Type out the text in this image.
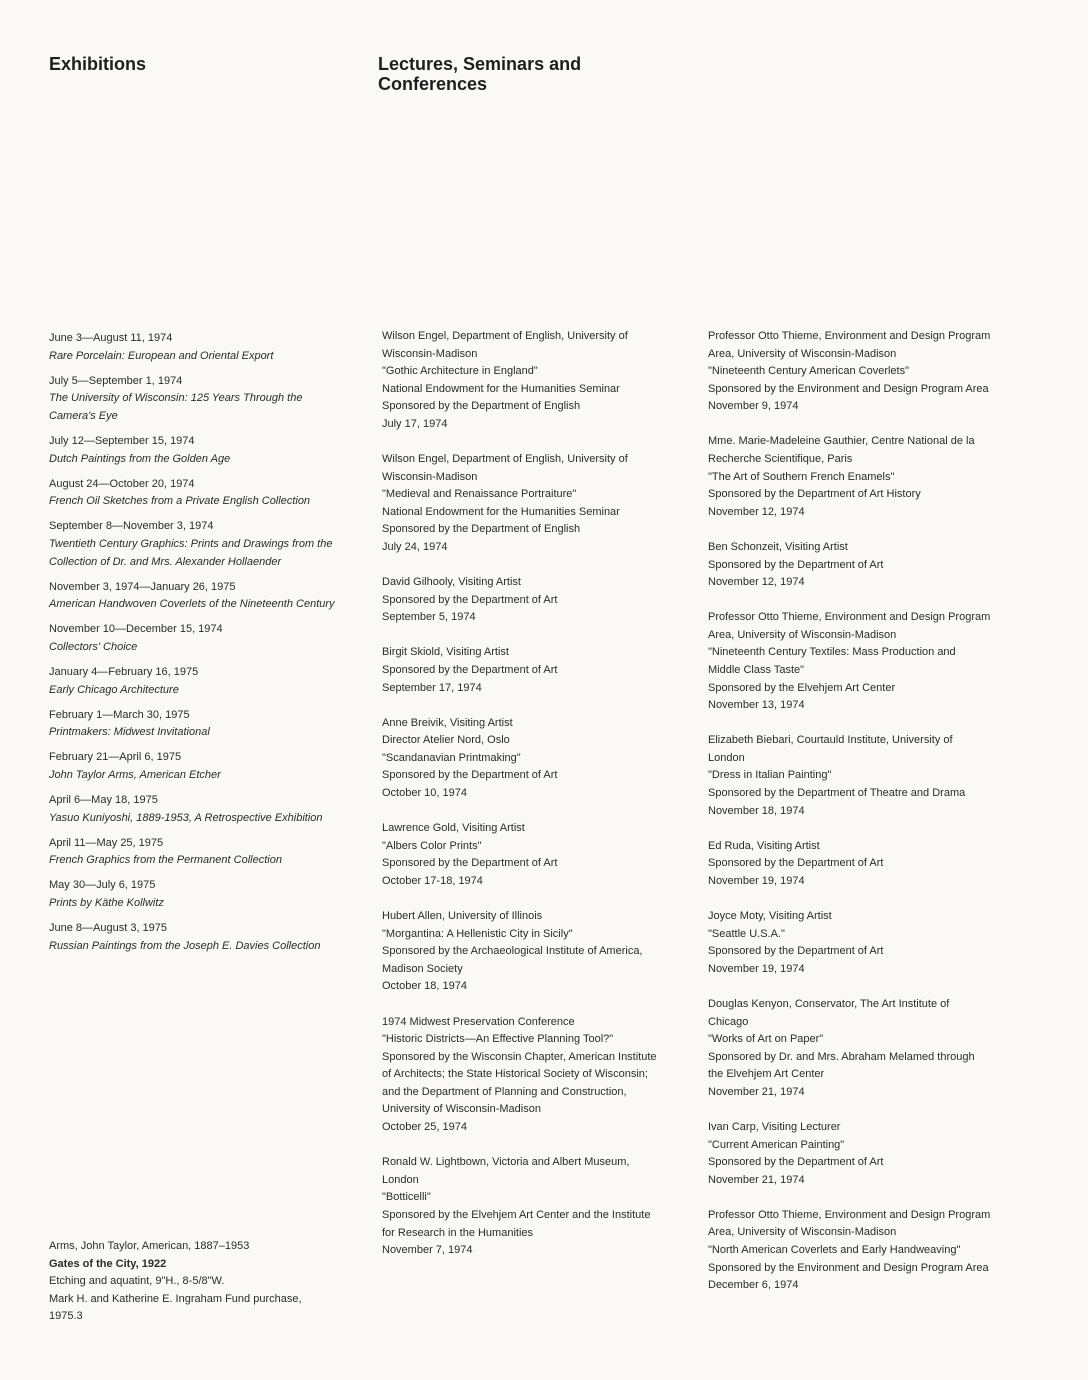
Exhibitions	Lectures, Seminars and Conferences
June 3—August 11, 1974
Rare Porcelain: European and Oriental Export
July 5—September 1, 1974
The University of Wisconsin: 125 Years Through the Camera's Eye
July 12—September 15, 1974
Dutch Paintings from the Golden Age
August 24—October 20, 1974
French Oil Sketches from a Private English Collection
September 8—November 3, 1974
Twentieth Century Graphics: Prints and Drawings from the Collection of Dr. and Mrs. Alexander Hollaender
November 3, 1974—January 26, 1975
American Handwoven Coverlets of the Nineteenth Century
November 10—December 15, 1974
Collectors' Choice
January 4—February 16, 1975
Early Chicago Architecture
February 1—March 30, 1975
Printmakers: Midwest Invitational
February 21—April 6, 1975
John Taylor Arms, American Etcher
April 6—May 18, 1975
Yasuo Kuniyoshi, 1889-1953, A Retrospective Exhibition
April 11—May 25, 1975
French Graphics from the Permanent Collection
May 30—July 6, 1975
Prints by Käthe Kollwitz
June 8—August 3, 1975
Russian Paintings from the Joseph E. Davies Collection
Wilson Engel, Department of English, University of
Wisconsin-Madison
"Gothic Architecture in England"
National Endowment for the Humanities Seminar
Sponsored by the Department of English
July 17, 1974
Wilson Engel, Department of English, University of
Wisconsin-Madison
"Medieval and Renaissance Portraiture"
National Endowment for the Humanities Seminar
Sponsored by the Department of English
July 24, 1974
David Gilhooly, Visiting Artist
Sponsored by the Department of Art
September 5, 1974
Birgit Skiold, Visiting Artist
Sponsored by the Department of Art
September 17, 1974
Anne Breivik, Visiting Artist
Director Atelier Nord, Oslo
"Scandanavian Printmaking"
Sponsored by the Department of Art
October 10, 1974
Lawrence Gold, Visiting Artist
"Albers Color Prints"
Sponsored by the Department of Art
October 17-18, 1974
Hubert Allen, University of Illinois
"Morgantina: A Hellenistic City in Sicily"
Sponsored by the Archaeological Institute of America,
Madison Society
October 18, 1974
1974 Midwest Preservation Conference
"Historic Districts—An Effective Planning Tool?"
Sponsored by the Wisconsin Chapter, American Institute
of Architects; the State Historical Society of Wisconsin;
and the Department of Planning and Construction,
University of Wisconsin-Madison
October 25, 1974
Ronald W. Lightbown, Victoria and Albert Museum,
London
"Botticelli"
Sponsored by the Elvehjem Art Center and the Institute
for Research in the Humanities
November 7, 1974
Professor Otto Thieme, Environment and Design Program
Area, University of Wisconsin-Madison
"Nineteenth Century American Coverlets"
Sponsored by the Environment and Design Program Area
November 9, 1974
Mme. Marie-Madeleine Gauthier, Centre National de la
Recherche Scientifique, Paris
"The Art of Southern French Enamels"
Sponsored by the Department of Art History
November 12, 1974
Ben Schonzeit, Visiting Artist
Sponsored by the Department of Art
November 12, 1974
Professor Otto Thieme, Environment and Design Program
Area, University of Wisconsin-Madison
"Nineteenth Century Textiles: Mass Production and
Middle Class Taste"
Sponsored by the Elvehjem Art Center
November 13, 1974
Elizabeth Biebari, Courtauld Institute, University of
London
"Dress in Italian Painting"
Sponsored by the Department of Theatre and Drama
November 18, 1974
Ed Ruda, Visiting Artist
Sponsored by the Department of Art
November 19, 1974
Joyce Moty, Visiting Artist
"Seattle U.S.A."
Sponsored by the Department of Art
November 19, 1974
Douglas Kenyon, Conservator, The Art Institute of
Chicago
"Works of Art on Paper"
Sponsored by Dr. and Mrs. Abraham Melamed through
the Elvehjem Art Center
November 21, 1974
Ivan Carp, Visiting Lecturer
"Current American Painting"
Sponsored by the Department of Art
November 21, 1974
Professor Otto Thieme, Environment and Design Program
Area, University of Wisconsin-Madison
"North American Coverlets and Early Handweaving"
Sponsored by the Environment and Design Program Area
December 6, 1974
Arms, John Taylor, American, 1887–1953
Gates of the City, 1922
Etching and aquatint, 9"H., 8-5/8"W.
Mark H. and Katherine E. Ingraham Fund purchase,
1975.3
